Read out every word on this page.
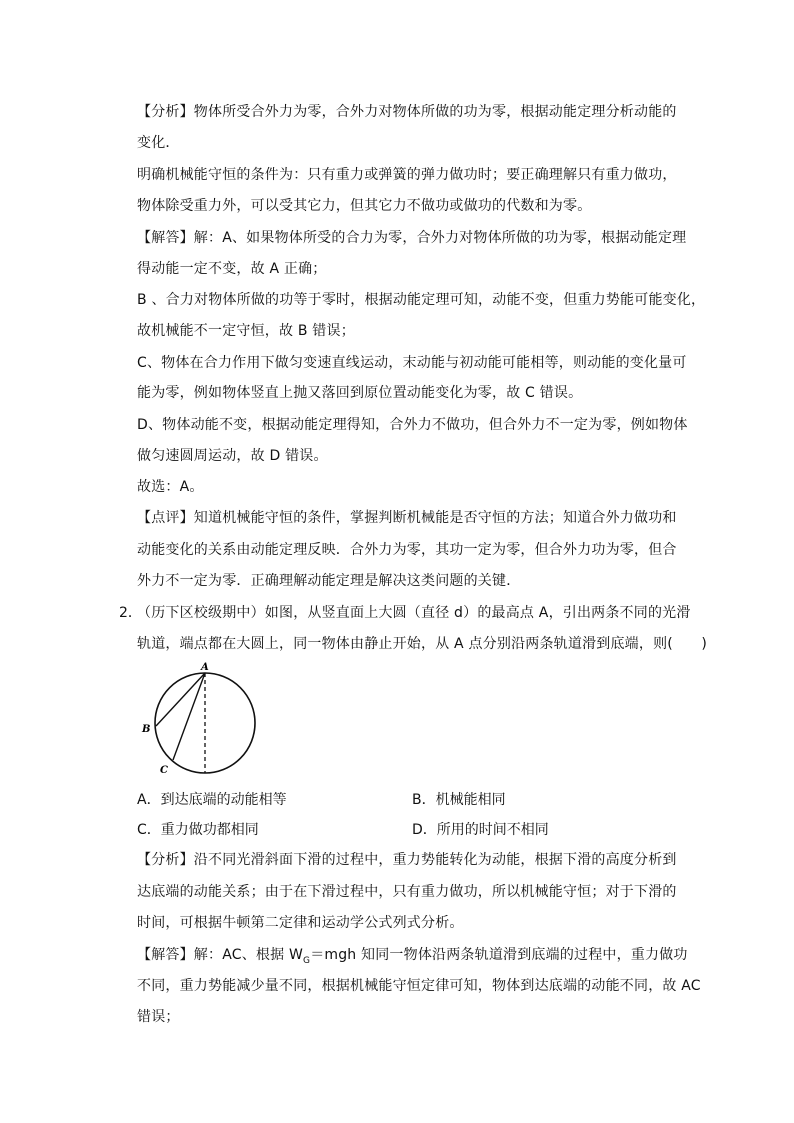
【分析】物体所受合外力为零，合外力对物体所做的功为零，根据动能定理分析动能的
变化．
明确机械能守恒的条件为：只有重力或弹簧的弹力做功时；要正确理解只有重力做功，
物体除受重力外，可以受其它力，但其它力不做功或做功的代数和为零。
【解答】解：A、如果物体所受的合力为零，合外力对物体所做的功为零，根据动能定理
得动能一定不变，故 A 正确；
B 、合力对物体所做的功等于零时，根据动能定理可知，动能不变，但重力势能可能变化，
故机械能不一定守恒，故 B 错误；
C、物体在合力作用下做匀变速直线运动，末动能与初动能可能相等，则动能的变化量可
能为零，例如物体竖直上抛又落回到原位置动能变化为零，故 C 错误。
D、物体动能不变，根据动能定理得知，合外力不做功，但合外力不一定为零，例如物体
做匀速圆周运动，故 D 错误。
故选：A。
【点评】知道机械能守恒的条件，掌握判断机械能是否守恒的方法；知道合外力做功和
动能变化的关系由动能定理反映．合外力为零，其功一定为零，但合外力功为零，但合
外力不一定为零．正确理解动能定理是解决这类问题的关键．
2．
（历下区校级期中）如图，从竖直面上大圆（直径 d）的最高点 A，引出两条不同的光滑
轨道，端点都在大圆上，同一物体由静止开始，从 A 点分别沿两条轨道滑到底端，则(　　)
A
B
C
A．到达底端的动能相等	B．机械能相同
C．重力做功都相同	D．所用的时间不相同
【分析】沿不同光滑斜面下滑的过程中，重力势能转化为动能，根据下滑的高度分析到
达底端的动能关系；由于在下滑过程中，只有重力做功，所以机械能守恒；对于下滑的
时间，可根据牛顿第二定律和运动学公式列式分析。
【解答】解：AC、根据 $W_G=mgh$ 知同一物体沿两条轨道滑到底端的过程中，重力做功
不同，重力势能减少量不同，根据机械能守恒定律可知，物体到达底端的动能不同，故 AC
错误；
